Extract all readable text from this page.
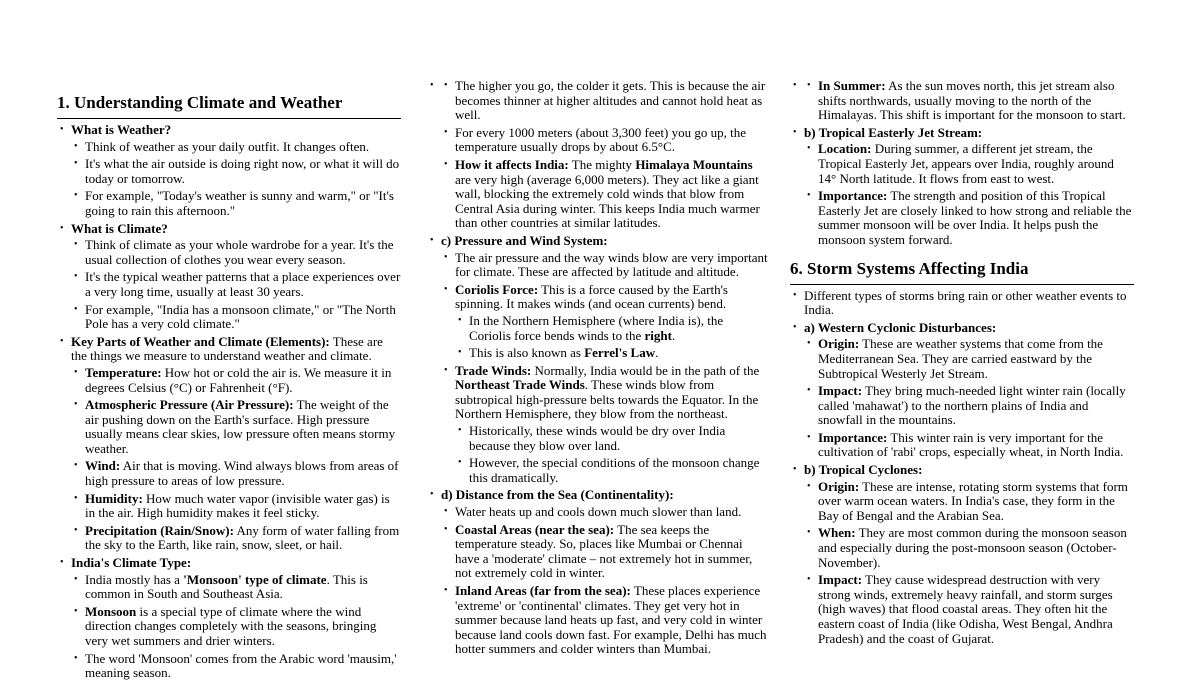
1. Understanding Climate and Weather
• What is Weather?
• Think of weather as your daily outfit. It changes often.
• It's what the air outside is doing right now, or what it will do today or tomorrow.
• For example, "Today's weather is sunny and warm," or "It's going to rain this afternoon."
• What is Climate?
• Think of climate as your whole wardrobe for a year. It's the usual collection of clothes you wear every season.
• It's the typical weather patterns that a place experiences over a very long time, usually at least 30 years.
• For example, "India has a monsoon climate," or "The North Pole has a very cold climate."
• Key Parts of Weather and Climate (Elements): These are the things we measure to understand weather and climate.
• Temperature: How hot or cold the air is. We measure it in degrees Celsius (°C) or Fahrenheit (°F).
• Atmospheric Pressure (Air Pressure): The weight of the air pushing down on the Earth's surface. High pressure usually means clear skies, low pressure often means stormy weather.
• Wind: Air that is moving. Wind always blows from areas of high pressure to areas of low pressure.
• Humidity: How much water vapor (invisible water gas) is in the air. High humidity makes it feel sticky.
• Precipitation (Rain/Snow): Any form of water falling from the sky to the Earth, like rain, snow, sleet, or hail.
• India's Climate Type:
• India mostly has a 'Monsoon' type of climate. This is common in South and Southeast Asia.
• Monsoon is a special type of climate where the wind direction changes completely with the seasons, bringing very wet summers and drier winters.
• The word 'Monsoon' comes from the Arabic word 'mausim,' meaning season.
• • The higher you go, the colder it gets. This is because the air becomes thinner at higher altitudes and cannot hold heat as well.
• For every 1000 meters (about 3,300 feet) you go up, the temperature usually drops by about 6.5°C.
• How it affects India: The mighty Himalaya Mountains are very high (average 6,000 meters). They act like a giant wall, blocking the extremely cold winds that blow from Central Asia during winter. This keeps India much warmer than other countries at similar latitudes.
• c) Pressure and Wind System:
• The air pressure and the way winds blow are very important for climate. These are affected by latitude and altitude.
• Coriolis Force: This is a force caused by the Earth's spinning. It makes winds (and ocean currents) bend.
• In the Northern Hemisphere (where India is), the Coriolis force bends winds to the right.
• This is also known as Ferrel's Law.
• Trade Winds: Normally, India would be in the path of the Northeast Trade Winds. These winds blow from subtropical high-pressure belts towards the Equator. In the Northern Hemisphere, they blow from the northeast.
• Historically, these winds would be dry over India because they blow over land.
• However, the special conditions of the monsoon change this dramatically.
• d) Distance from the Sea (Continentality):
• Water heats up and cools down much slower than land.
• Coastal Areas (near the sea): The sea keeps the temperature steady. So, places like Mumbai or Chennai have a 'moderate' climate – not extremely hot in summer, not extremely cold in winter.
• Inland Areas (far from the sea): These places experience 'extreme' or 'continental' climates. They get very hot in summer because land heats up fast, and very cold in winter because land cools down fast. For example, Delhi has much hotter summers and colder winters than Mumbai.
• • In Summer: As the sun moves north, this jet stream also shifts northwards, usually moving to the north of the Himalayas. This shift is important for the monsoon to start.
• b) Tropical Easterly Jet Stream:
• Location: During summer, a different jet stream, the Tropical Easterly Jet, appears over India, roughly around 14° North latitude. It flows from east to west.
• Importance: The strength and position of this Tropical Easterly Jet are closely linked to how strong and reliable the summer monsoon will be over India. It helps push the monsoon system forward.
6. Storm Systems Affecting India
• Different types of storms bring rain or other weather events to India.
• a) Western Cyclonic Disturbances:
• Origin: These are weather systems that come from the Mediterranean Sea. They are carried eastward by the Subtropical Westerly Jet Stream.
• Impact: They bring much-needed light winter rain (locally called 'mahawat') to the northern plains of India and snowfall in the mountains.
• Importance: This winter rain is very important for the cultivation of 'rabi' crops, especially wheat, in North India.
• b) Tropical Cyclones:
• Origin: These are intense, rotating storm systems that form over warm ocean waters. In India's case, they form in the Bay of Bengal and the Arabian Sea.
• When: They are most common during the monsoon season and especially during the post-monsoon season (October-November).
• Impact: They cause widespread destruction with very strong winds, extremely heavy rainfall, and storm surges (high waves) that flood coastal areas. They often hit the eastern coast of India (like Odisha, West Bengal, Andhra Pradesh) and the coast of Gujarat.
